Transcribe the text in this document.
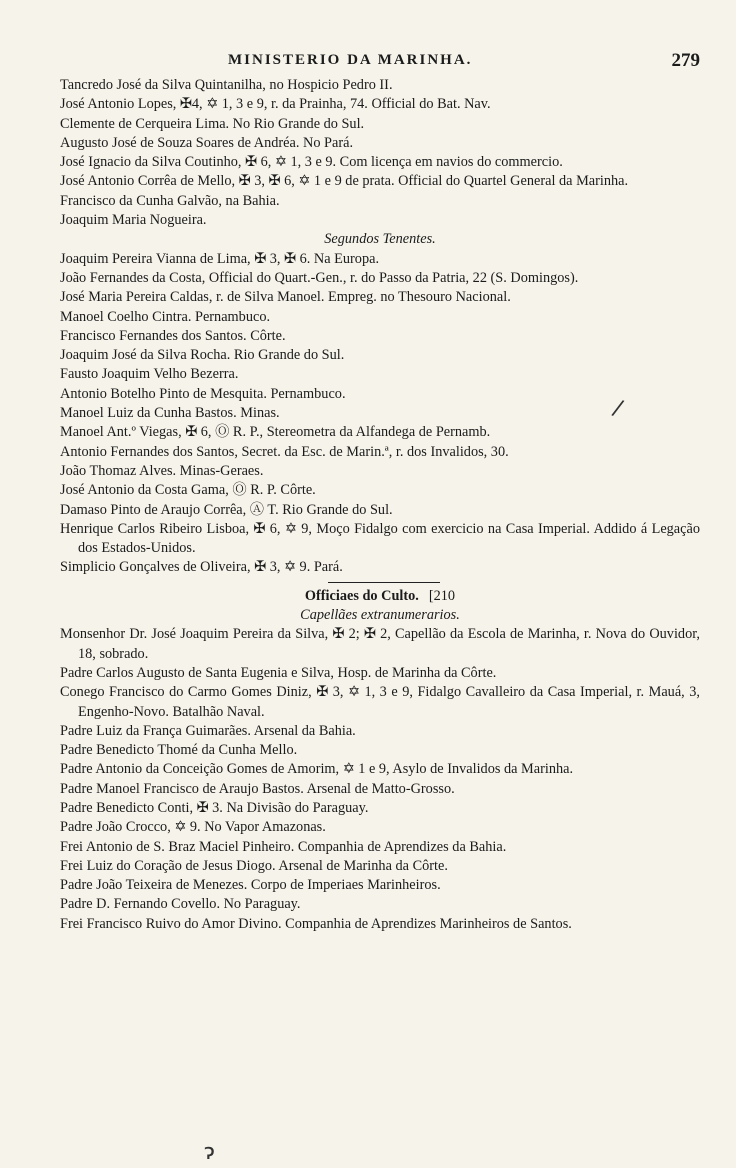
MINISTERIO DA MARINHA.	279
Tancredo José da Silva Quintanilha, no Hospicio Pedro II.
José Antonio Lopes, ✠4, ✡ 1, 3 e 9, r. da Prainha, 74. Official do Bat. Nav.
Clemente de Cerqueira Lima. No Rio Grande do Sul.
Augusto José de Souza Soares de Andréa. No Pará.
José Ignacio da Silva Coutinho, ✠ 6, ✡ 1, 3 e 9. Com licença em navios do commercio.
José Antonio Corrêa de Mello, ✠ 3, ✠ 6, ✡ 1 e 9 de prata. Official do Quartel General da Marinha.
Francisco da Cunha Galvão, na Bahia.
Joaquim Maria Nogueira.
Segundos Tenentes.
Joaquim Pereira Vianna de Lima, ✠ 3, ✠ 6. Na Europa.
João Fernandes da Costa, Official do Quart.-Gen., r. do Passo da Patria, 22 (S. Domingos).
José Maria Pereira Caldas, r. de Silva Manoel. Empreg. no Thesouro Nacional.
Manoel Coelho Cintra. Pernambuco.
Francisco Fernandes dos Santos. Côrte.
Joaquim José da Silva Rocha. Rio Grande do Sul.
Fausto Joaquim Velho Bezerra.
Antonio Botelho Pinto de Mesquita. Pernambuco.
Manoel Luiz da Cunha Bastos. Minas.
Manoel Ant.º Viegas, ✠ 6, Ⓞ R. P., Stereometra da Alfandega de Pernamb.
Antonio Fernandes dos Santos, Secret. da Esc. de Marin.ª, r. dos Invalidos, 30.
João Thomaz Alves. Minas-Geraes.
José Antonio da Costa Gama, Ⓞ R. P. Côrte.
Damaso Pinto de Araujo Corrêa, Ⓐ T. Rio Grande do Sul.
Henrique Carlos Ribeiro Lisboa, ✠ 6, ✡ 9, Moço Fidalgo com exercicio na Casa Imperial. Addido á Legação dos Estados-Unidos.
Simplicio Gonçalves de Oliveira, ✠ 3, ✡ 9. Pará.
Officiaes do Culto. [210
Capellães extranumerarios.
Monsenhor Dr. José Joaquim Pereira da Silva, ✠ 2; ✠ 2, Capellão da Escola de Marinha, r. Nova do Ouvidor, 18, sobrado.
Padre Carlos Augusto de Santa Eugenia e Silva, Hosp. de Marinha da Côrte.
Conego Francisco do Carmo Gomes Diniz, ✠ 3, ✡ 1, 3 e 9, Fidalgo Cavalleiro da Casa Imperial, r. Mauá, 3, Engenho-Novo. Batalhão Naval.
Padre Luiz da França Guimarães. Arsenal da Bahia.
Padre Benedicto Thomé da Cunha Mello.
Padre Antonio da Conceição Gomes de Amorim, ✡ 1 e 9, Asylo de Invalidos da Marinha.
Padre Manoel Francisco de Araujo Bastos. Arsenal de Matto-Grosso.
Padre Benedicto Conti, ✠ 3. Na Divisão do Paraguay.
Padre João Crocco, ✡ 9. No Vapor Amazonas.
Frei Antonio de S. Braz Maciel Pinheiro. Companhia de Aprendizes da Bahia.
Frei Luiz do Coração de Jesus Diogo. Arsenal de Marinha da Côrte.
Padre João Teixeira de Menezes. Corpo de Imperiaes Marinheiros.
Padre D. Fernando Covello. No Paraguay.
Frei Francisco Ruivo do Amor Divino. Companhia de Aprendizes Marinheiros de Santos.
/
ɂ
